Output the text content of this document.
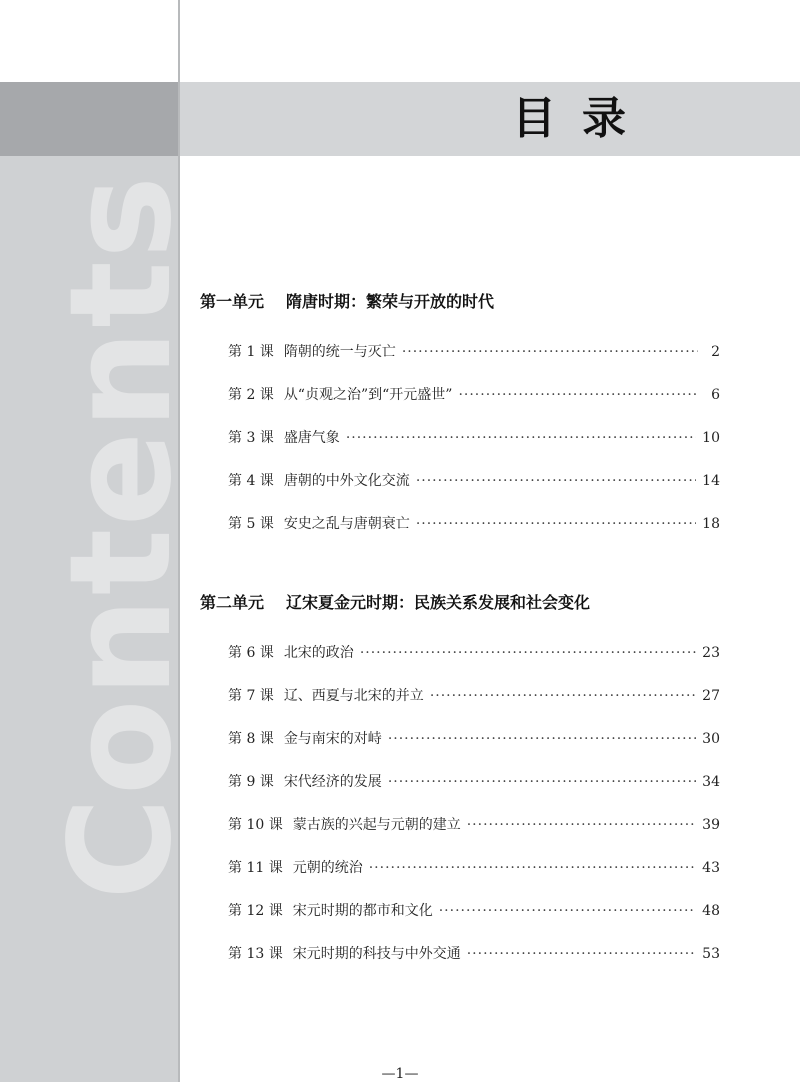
目录
Contents
第一单元 隋唐时期：繁荣与开放的时代
第 1 课 隋朝的统一与灭亡 ·····	2
第 2 课 从“贞观之治”到“开元盛世” ·····	6
第 3 课 盛唐气象 ·····	10
第 4 课 唐朝的中外文化交流 ·····	14
第 5 课 安史之乱与唐朝衰亡 ·····	18
第二单元 辽宋夏金元时期：民族关系发展和社会变化
第 6 课 北宋的政治 ·····	23
第 7 课 辽、西夏与北宋的并立 ·····	27
第 8 课 金与南宋的对峙 ·····	30
第 9 课 宋代经济的发展 ·····	34
第 10 课 蒙古族的兴起与元朝的建立 ·····	39
第 11 课 元朝的统治 ·····	43
第 12 课 宋元时期的都市和文化 ·····	48
第 13 课 宋元时期的科技与中外交通 ·····	53
—1—
